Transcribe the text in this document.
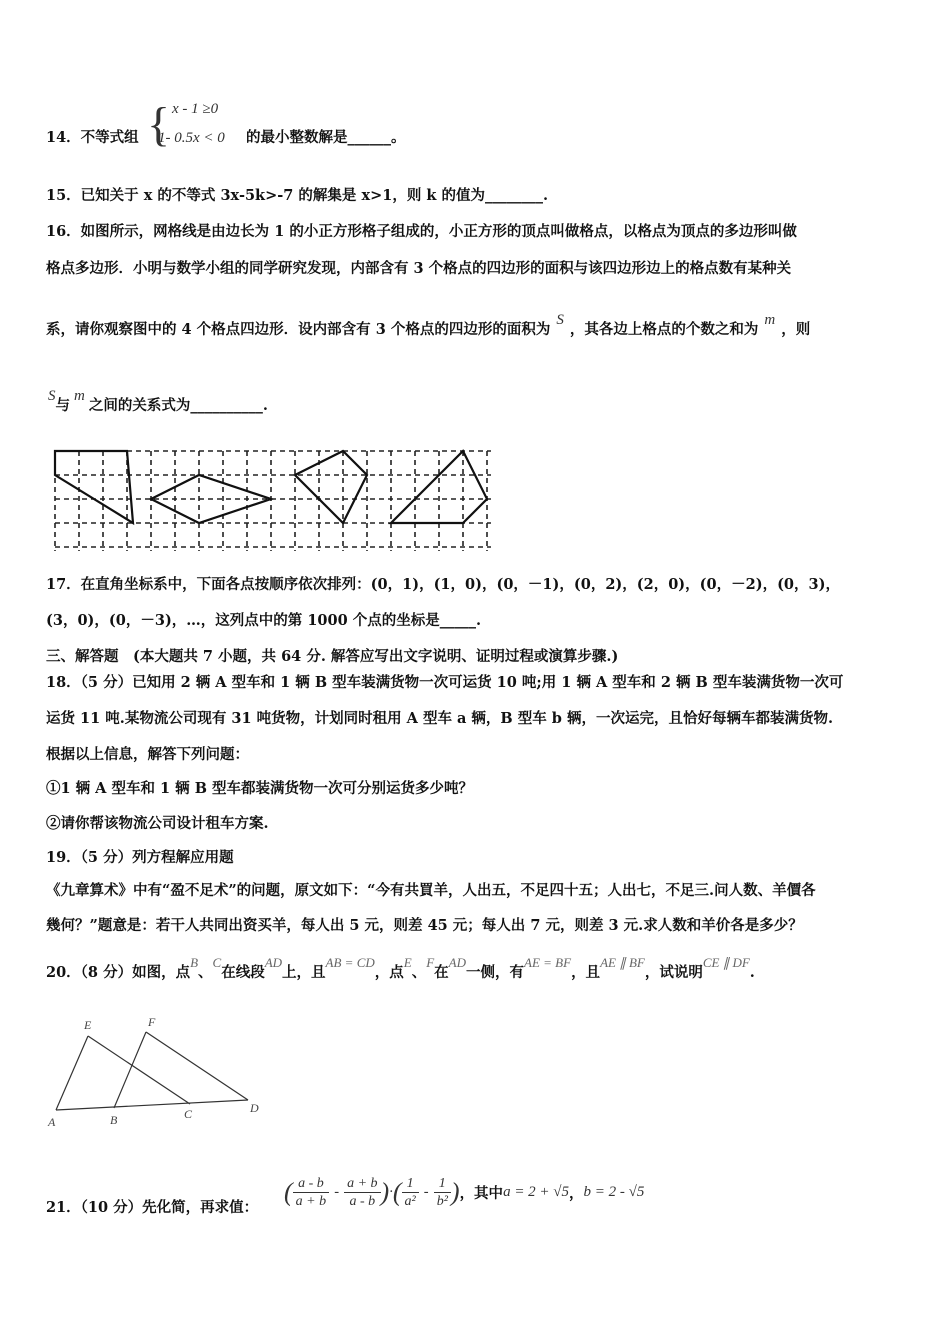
14．不等式组 { x - 1 ≥0
1- 0.5x < 0 的最小整数解是______。
15．已知关于 x 的不等式 3x-5k>-7 的解集是 x>1，则 k 的值为________.
16．如图所示，网格线是由边长为 1 的小正方形格子组成的，小正方形的顶点叫做格点，以格点为顶点的多边形叫做
格点多边形．小明与数学小组的同学研究发现，内部含有 3 个格点的四边形的面积与该四边形边上的格点数有某种关
系，请你观察图中的 4 个格点四边形．设内部含有 3 个格点的四边形的面积为S，其各边上格点的个数之和为m，则
S与m之间的关系式为__________.
17．在直角坐标系中，下面各点按顺序依次排列：(0，1)，(1，0)，(0，－1)，(0，2)，(2，0)，(0，－2)，(0，3)，
(3，0)，(0，－3)，…，这列点中的第 1000 个点的坐标是_____.
三、解答题　(本大题共 7 小题，共 64 分. 解答应写出文字说明、证明过程或演算步骤.)
18．（5 分）已知用 2 辆 A 型车和 1 辆 B 型车装满货物一次可运货 10 吨;用 1 辆 A 型车和 2 辆 B 型车装满货物一次可
运货 11 吨.某物流公司现有 31 吨货物，计划同时租用 A 型车 a 辆，B 型车 b 辆，一次运完，且恰好每辆车都装满货物.
根据以上信息，解答下列问题：
①1 辆 A 型车和 1 辆 B 型车都装满货物一次可分别运货多少吨？
②请你帮该物流公司设计租车方案.
19．（5 分）列方程解应用题
《九章算术》中有“盈不足术”的问题，原文如下：“今有共買羊，人出五，不足四十五；人出七，不足三.问人数、羊價各
幾何？”题意是：若干人共同出资买羊，每人出 5 元，则差 45 元；每人出 7 元，则差 3 元.求人数和羊价各是多少？
20．（8 分）如图，点B、C在线段AD上，且AB = CD，点E、F在AD一侧，有AE = BF，且AE ∥ BF，试说明CE ∥ DF.
E	F
A	B	C	D
21．（10 分）先化简，再求值：
( $\frac{a - b}{a + b} - \frac{a + b}{a - b}$ )·( $\frac{1}{\text{a²}} - \frac{1}{\text{b²}}$ )，其中a = 2 + √5，b = 2 - √5
